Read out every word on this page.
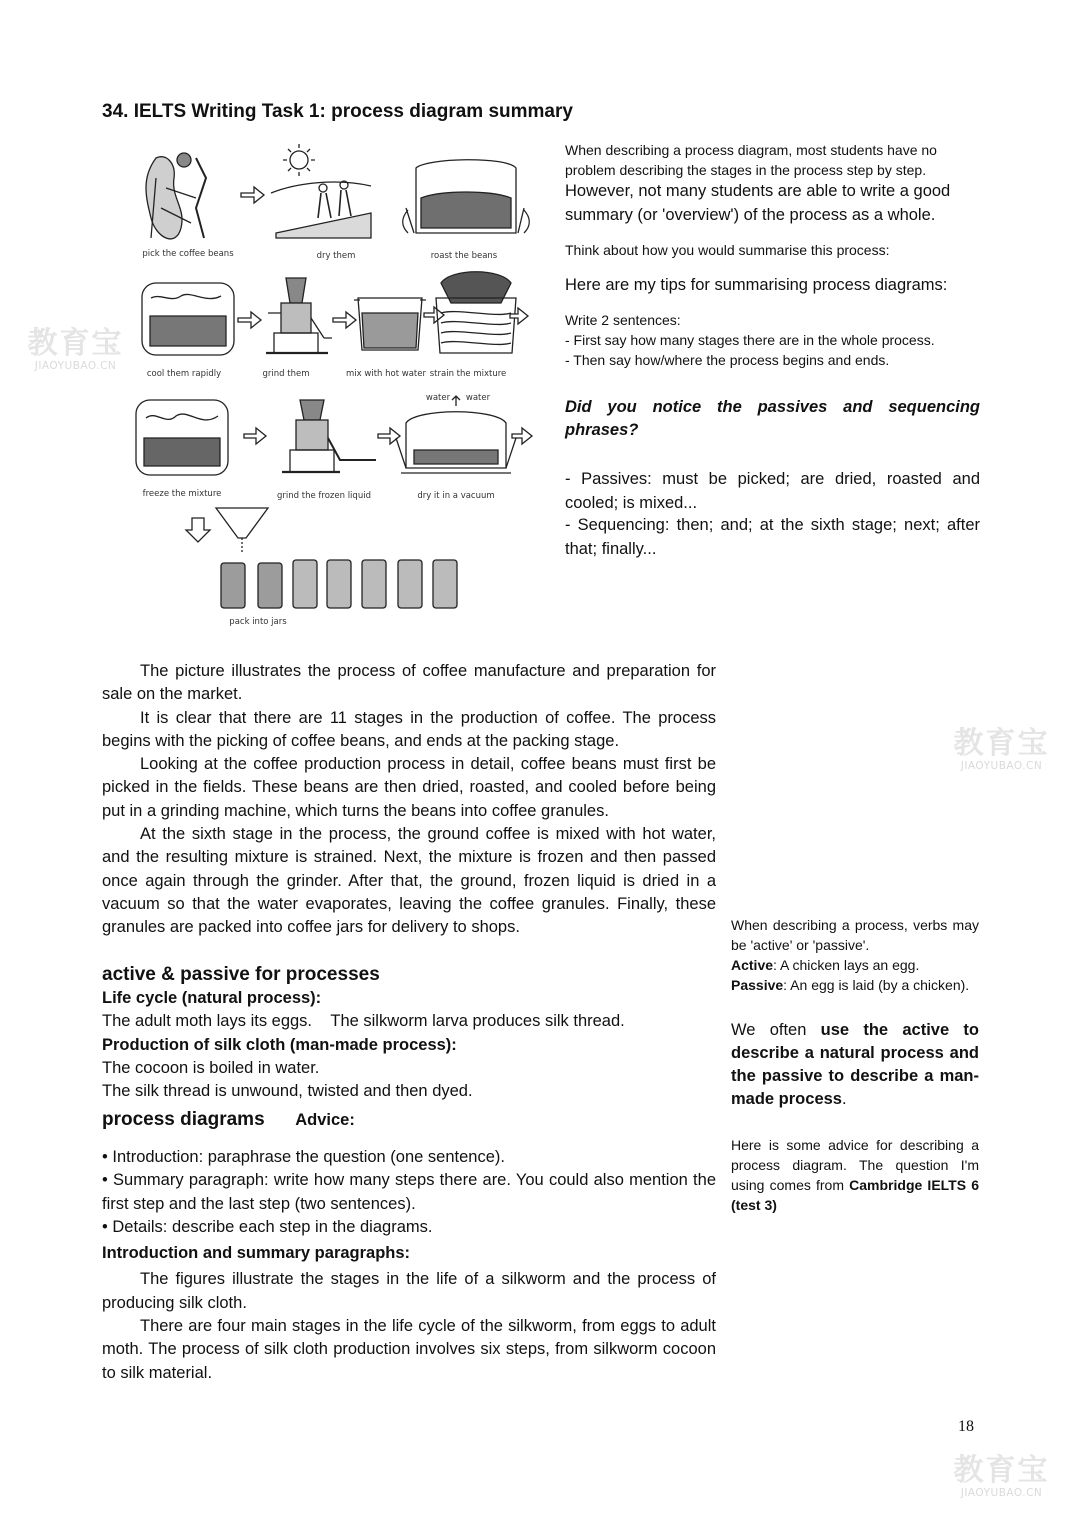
34. IELTS Writing Task 1: process diagram summary
pick the coffee beans	dry them	roast the beans
cool them rapidly	grind them	mix with hot water strain the mixture
freeze the mixture	grind the frozen liquid	dry it in a vacuum
pack into jars
water water
When describing a process diagram, most students have no problem describing the stages in the process step by step.
However, not many students are able to write a good summary (or 'overview') of the process as a whole.
Think about how you would summarise this process:
Here are my tips for summarising process diagrams:
Write 2 sentences:
- First say how many stages there are in the whole process.
- Then say how/where the process begins and ends.
Did you notice the passives and sequencing
phrases?
- Passives: must be picked; are dried, roasted and cooled; is mixed...
- Sequencing: then; and; at the sixth stage; next; after that; finally...

The picture illustrates the process of coffee manufacture and preparation for sale on the market.

It is clear that there are 11 stages in the production of coffee. The process begins with the picking of coffee beans, and ends at the packing stage.

Looking at the coffee production process in detail, coffee beans must first be picked in the fields. These beans are then dried, roasted, and cooled before being put in a grinding machine, which turns the beans into coffee granules.

At the sixth stage in the process, the ground coffee is mixed with hot water, and the resulting mixture is strained. Next, the mixture is frozen and then passed once again through the grinder. After that, the ground, frozen liquid is dried in a vacuum so that the water evaporates, leaving the coffee granules. Finally, these granules are packed into coffee jars for delivery to shops.

active & passive for processes
Life cycle (natural process):
The adult moth lays its eggs. The silkworm larva produces silk thread.
Production of silk cloth (man-made process):
The cocoon is boiled in water.
The silk thread is unwound, twisted and then dyed.
process diagrams Advice:

• Introduction: paraphrase the question (one sentence).

• Summary paragraph: write how many steps there are. You could also mention the first step and the last step (two sentences).

• Details: describe each step in the diagrams.

Introduction and summary paragraphs:

The figures illustrate the stages in the life of a silkworm and the process of producing silk cloth.

There are four main stages in the life cycle of the silkworm, from eggs to adult moth. The process of silk cloth production involves six steps, from silkworm cocoon to silk material.

When describing a process, verbs may be 'active' or 'passive'.
Active: A chicken lays an egg.
Passive: An egg is laid (by a chicken).
We often use the active to describe a natural process and the passive to describe a man-made process.
Here is some advice for describing a process diagram. The question I'm using comes from Cambridge IELTS 6 (test 3)
18
教育宝
JIAOYUBAO.CN
教育宝
JIAOYUBAO.CN
教育宝
JIAOYUBAO.CN
